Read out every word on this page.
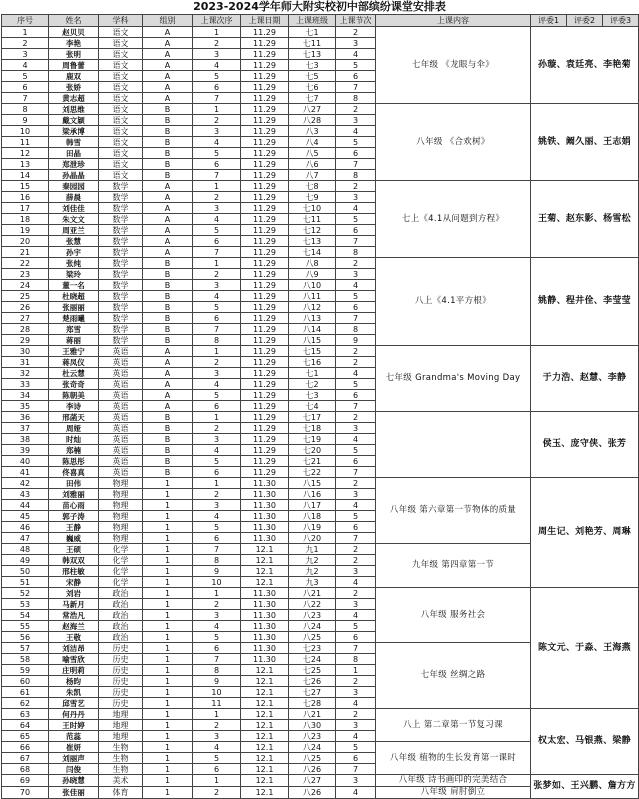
2023-2024学年师大附实校初中部缤纷课堂安排表
序号	姓名	学科	组别	上课次序	上课日期	上课班级	上课节次	上课内容	评委1	评委2	评委3
1	赵贝贝	语文	A	1	11.29	七1	2	七年级 《龙眼与伞》	孙璇、袁廷亮、李艳菊		
2	李艳	语文	A	2	11.29	七11	3				
3	张明	语文	A	3	11.29	七13	4				
4	周鲁蕾	语文	A	4	11.29	七3	5				
5	鹿双	语文	A	5	11.29	七5	6				
6	张娇	语文	A	6	11.29	七6	7				
7	黄志超	语文	A	7	11.29	七7	8				
8	刘思维	语文	B	1	11.29	八27	2	八年级 《合欢树》	姚铁、阚久丽、王志娟		
9	戴文颖	语文	B	2	11.29	八28	3				
10	梁承博	语文	B	3	11.29	八3	4				
11	韩雪	语文	B	4	11.29	八4	5				
12	田晶	语文	B	5	11.29	八5	6				
13	郑泄珍	语文	B	6	11.29	八6	7				
14	孙晶晶	语文	B	7	11.29	八7	8				
15	秦园园	数学	A	1	11.29	七8	2	七上《4.1从问题到方程》	王菊、赵东影、杨雪松		
16	薛晨	数学	A	2	11.29	七9	3				
17	刘佳佳	数学	A	3	11.29	七10	4				
18	朱文文	数学	A	4	11.29	七11	5				
19	周亚兰	数学	A	5	11.29	七12	6				
20	张慧	数学	A	6	11.29	七13	7				
21	孙宇	数学	A	7	11.29	七14	8				
22	张纯	数学	B	1	11.29	八8	2	八上《4.1平方根》	姚静、程井佺、李莹莹		
23	梁玲	数学	B	2	11.29	八9	3				
24	董一名	数学	B	3	11.29	八10	4				
25	杜晓超	数学	B	4	11.29	八11	5				
26	张丽丽	数学	B	5	11.29	八12	6				
27	楚雨曦	数学	B	6	11.29	八13	7				
28	郑雪	数学	B	7	11.29	八14	8				
29	蒋丽	数学	B	8	11.29	八15	9				
30	王雅宁	英语	A	1	11.29	七15	2	七年级 Grandma's Moving Day	于力浩、赵慧、李静		
31	蒋凤仪	英语	A	2	11.29	七16	2				
32	杜云慧	英语	A	3	11.29	七1	4				
33	张奇奇	英语	A	4	11.29	七2	5				
34	陈朝美	英语	A	5	11.29	七3	6				
35	李诗	英语	A	6	11.29	七4	7				
36	邢菡天	英语	B	1	11.29	七17	2		侯玉、庞守侠、张芳		
37	周娅	英语	B	2	11.29	七18	3				
38	时灿	英语	B	3	11.29	七19	4				
39	郑楠	英语	B	4	11.29	七20	5				
40	陈思彤	英语	B	5	11.29	七21	6				
41	佟喜真	英语	B	6	11.29	七22	7				
42	田伟	物理	1	1	11.30	八15	2	八年级 第六章第一节物体的质量	周生记、刘艳芳、周琳		
43	刘雅丽	物理	1	2	11.30	八16	3				
44	苗心雨	物理	1	3	11.30	八17	4				
45	郭子涛	物理	1	4	11.30	八18	5				
46	王静	物理	1	5	11.30	八19	6				
47	巍威	物理	1	6	11.30	八20	7				
48	王硕	化学	1	7	12.1	九1	2	九年级 第四章第一节			
49	韩双双	化学	1	8	12.1	九2	2				
50	邢柱敏	化学	1	9	12.1	九2	3				
51	宋静	化学	1	10	12.1	九3	4				
52	刘岩	政治	1	1	11.30	八21	2	八年级 服务社会	陈文元、于淼、王海燕		
53	马新月	政治	1	2	11.30	八22	3				
54	常浩凡	政治	1	3	11.30	八23	4				
55	赵海兰	政治	1	4	11.30	八24	5				
56	王敬	政治	1	5	11.30	八25	6				
57	刘洁昂	历史	1	6	11.30	七23	7	七年级 丝绸之路			
58	喻雪欣	历史	1	7	11.30	七24	8				
59	庄明莉	历史	1	8	12.1	七25	1				
60	杨昀	历史	1	9	12.1	七26	2				
61	朱凯	历史	1	10	12.1	七27	3				
62	邱雪艺	历史	1	11	12.1	七28	4				
63	何丹丹	地理	1	1	12.1	八21	2	八上 第二章第一节复习课	权太宏、马银燕、梁静		
64	王时婷	地理	1	2	12.1	八30	3				
65	范蕊	地理	1	3	12.1	八23	4				
66	崔妍	生物	1	4	12.1	八24	5	八年级 植物的生长发育第一课时			
67	刘丽声	生物	1	5	12.1	八25	6				
68	闫俊	生物	1	6	12.1	八26	7				
69	孙晓慧	美术	1	1	12.1	八27	3	八年级 诗书画印的完美结合	张梦如、王兴鹏、詹方方		
70	张佳丽	体育	1	2	12.1	八26	4	八年级 肩肘倒立			
